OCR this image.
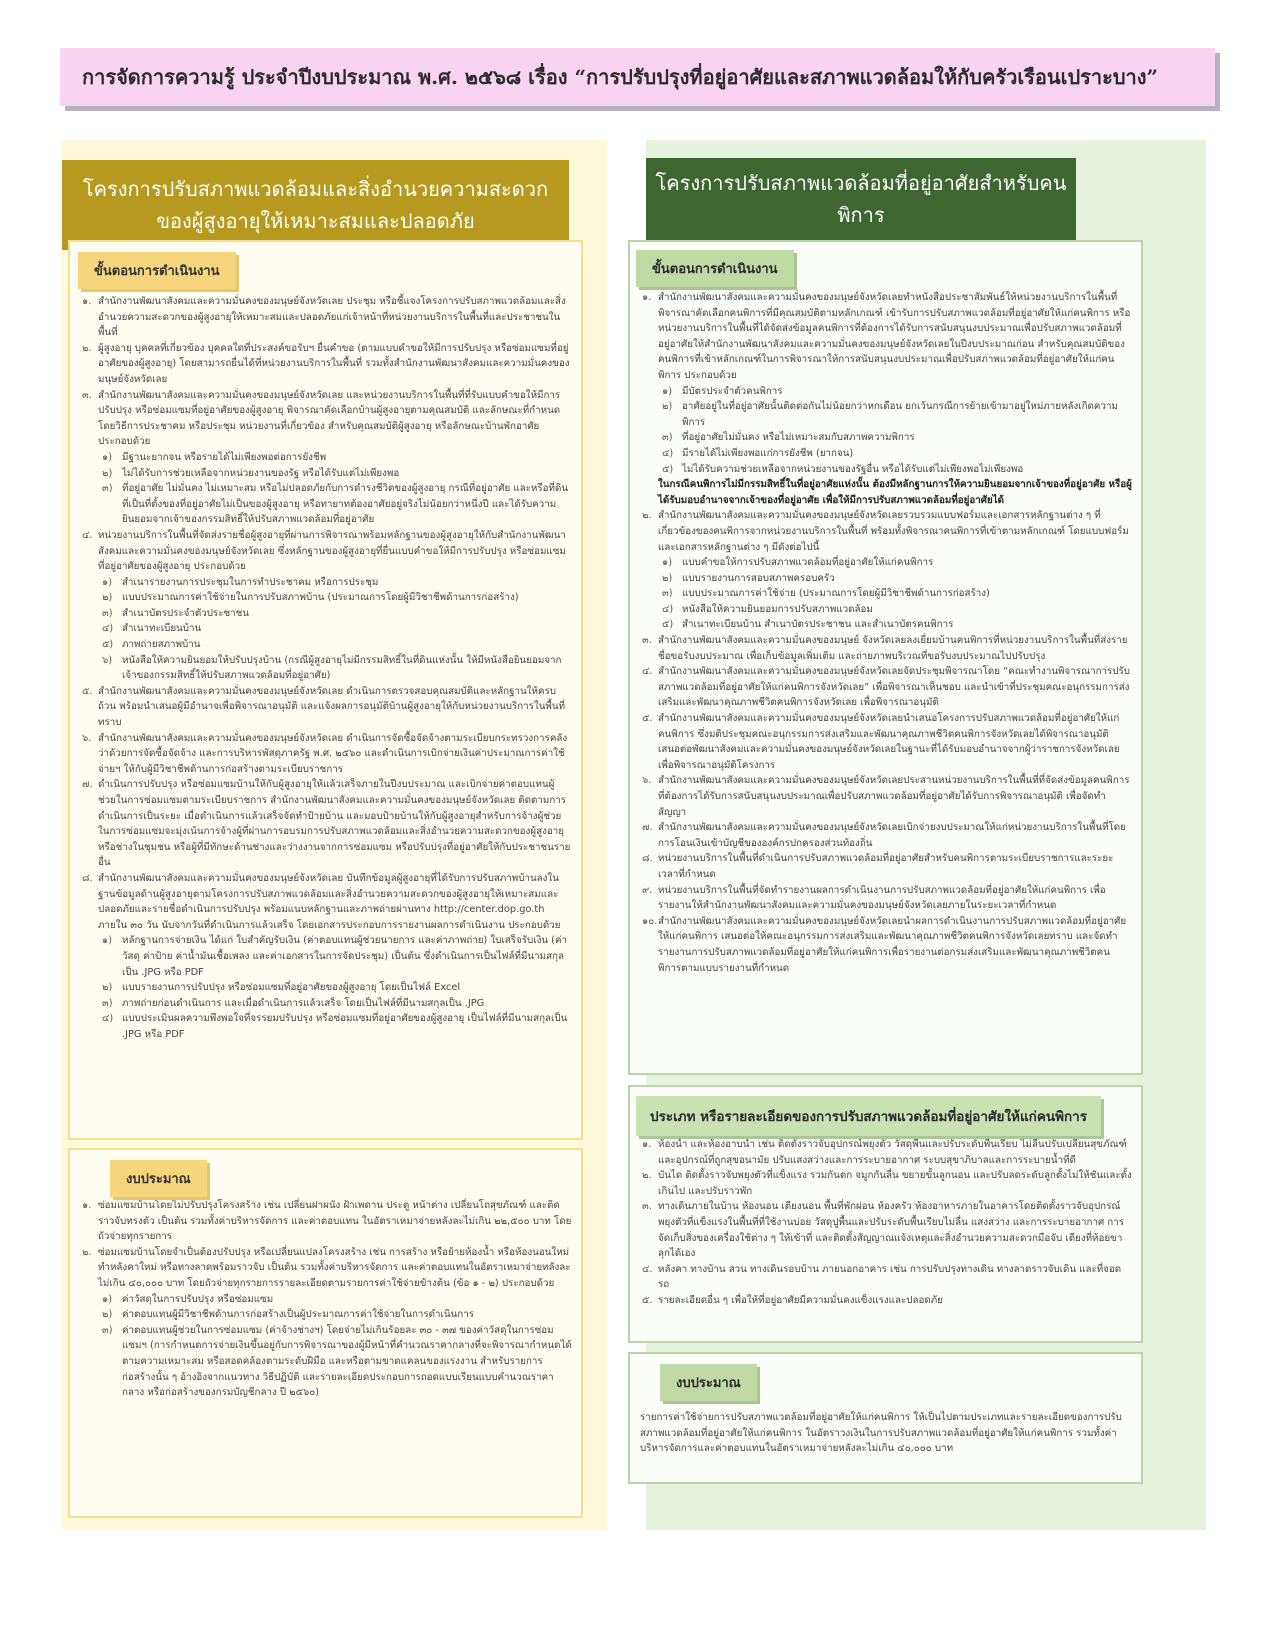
การจัดการความรู้ ประจำปีงบประมาณ พ.ศ. ๒๕๖๘ เรื่อง “การปรับปรุงที่อยู่อาศัยและสภาพแวดล้อมให้กับครัวเรือนเปราะบาง”
โครงการปรับสภาพแวดล้อมและสิ่งอำนวยความสะดวก
ของผู้สูงอายุให้เหมาะสมและปลอดภัย
โครงการปรับสภาพแวดล้อมที่อยู่อาศัยสำหรับคนพิการ
๑. สำนักงานพัฒนาสังคมและความมั่นคงของมนุษย์จังหวัดเลย ประชุม หรือชี้แจงโครงการปรับสภาพแวดล้อมและสิ่งอำนวยความสะดวกของผู้สูงอายุให้เหมาะสมและปลอดภัยแก่เจ้าหน้าที่หน่วยงานบริการในพื้นที่และประชาชนในพื้นที่
๒. ผู้สูงอายุ บุคคลที่เกี่ยวข้อง บุคคลใดที่ประสงค์ขอรับฯ ยื่นคำขอ (ตามแบบคำขอให้มีการปรับปรุง หรือซ่อมแซมที่อยู่อาศัยของผู้สูงอายุ) โดยสามารถยื่นได้ที่หน่วยงานบริการในพื้นที่ รวมทั้งสำนักงานพัฒนาสังคมและความมั่นคงของมนุษย์จังหวัดเลย
๓. สำนักงานพัฒนาสังคมและความมั่นคงของมนุษย์จังหวัดเลย และหน่วยงานบริการในพื้นที่ที่รับแบบคำขอให้มีการปรับปรุง หรือซ่อมแซมที่อยู่อาศัยของผู้สูงอายุ พิจารณาคัดเลือกบ้านผู้สูงอายุตามคุณสมบัติ และลักษณะที่กำหนด โดยวิธีการประชาคม หรือประชุม หน่วยงานที่เกี่ยวข้อง สำหรับคุณสมบัติผู้สูงอายุ หรือลักษณะบ้านพักอาศัย ประกอบด้วย
๑)	มีฐานะยากจน หรือรายได้ไม่เพียงพอต่อการยังชีพ
๒) ไม่ได้รับการช่วยเหลือจากหน่วยงานของรัฐ หรือได้รับแต่ไม่เพียงพอ
๓) ที่อยู่อาศัย ไม่มั่นคง ไม่เหมาะสม หรือไม่ปลอดภัยกับการดำรงชีวิตของผู้สูงอายุ กรณีที่อยู่อาศัย และหรือที่ดินที่เป็นที่ตั้งของที่อยู่อาศัยไม่เป็นของผู้สูงอายุ หรือทายาทต้องอาศัยอยู่จริงไม่น้อยกว่าหนึ่งปี และได้รับความยินยอมจากเจ้าของกรรมสิทธิ์ให้ปรับสภาพแวดล้อมที่อยู่อาศัย
๔. หน่วยงานบริการในพื้นที่จัดส่งรายชื่อผู้สูงอายุที่ผ่านการพิจารณาพร้อมหลักฐานของผู้สูงอายุให้กับสำนักงานพัฒนาสังคมและความมั่นคงของมนุษย์จังหวัดเลย ซึ่งหลักฐานของผู้สูงอายุที่ยื่นแบบคำขอให้มีการปรับปรุง หรือซ่อมแซมที่อยู่อาศัยของผู้สูงอายุ ประกอบด้วย
๑)	สำเนารายงานการประชุมในการทำประชาคม หรือการประชุม
๒) แบบประมาณการค่าใช้จ่ายในการปรับสภาพบ้าน (ประมาณการโดยผู้มีวิชาชีพด้านการก่อสร้าง)
๓) สำเนาบัตรประจำตัวประชาชน
๔) สำเนาทะเบียนบ้าน
๕) ภาพถ่ายสภาพบ้าน
๖)	หนังสือให้ความยินยอมให้ปรับปรุงบ้าน (กรณีผู้สูงอายุไม่มีกรรมสิทธิ์ในที่ดินแห่งนั้น ให้มีหนังสือยินยอมจากเจ้าของกรรมสิทธิ์ให้ปรับสภาพแวดล้อมที่อยู่อาศัย)
๕. สำนักงานพัฒนาสังคมและความมั่นคงของมนุษย์จังหวัดเลย ดำเนินการตรวจสอบคุณสมบัติและหลักฐานให้ครบถ้วน พร้อมนำเสนอผู้มีอำนาจเพื่อพิจารณาอนุมัติ และแจ้งผลการอนุมัติบ้านผู้สูงอายุให้กับหน่วยงานบริการในพื้นที่ทราบ
๖. สำนักงานพัฒนาสังคมและความมั่นคงของมนุษย์จังหวัดเลย ดำเนินการจัดซื้อจัดจ้างตามระเบียบกระทรวงการคลัง ว่าด้วยการจัดซื้อจัดจ้าง และการบริหารพัสดุภาครัฐ พ.ศ. ๒๕๖๐ และดำเนินการเบิกจ่ายเงินค่าประมาณการค่าใช้จ่ายฯ ให้กับผู้มีวิชาชีพด้านการก่อสร้างตามระเบียบราชการ
๗. ดำเนินการปรับปรุง หรือซ่อมแซมบ้านให้กับผู้สูงอายุให้แล้วเสร็จภายในปีงบประมาณ และเบิกจ่ายค่าตอบแทนผู้ช่วยในการซ่อมแซมตามระเบียบราชการ สำนักงานพัฒนาสังคมและความมั่นคงของมนุษย์จังหวัดเลย ติดตามการดำเนินการเป็นระยะ เมื่อดำเนินการแล้วเสร็จจัดทำป้ายบ้าน และมอบป้ายบ้านให้กับผู้สูงอายุสำหรับการจ้างผู้ช่วยในการซ่อมแซมจะมุ่งเน้นการจ้างผู้ที่ผ่านการอบรมการปรับสภาพแวดล้อมและสิ่งอำนวยความสะดวกของผู้สูงอายุ หรือช่างในชุมชน หรือผู้ที่มีทักษะด้านช่างและว่างงานจากการซ่อมแซม หรือปรับปรุงที่อยู่อาศัยให้กับประชาชนรายอื่น
๘. สำนักงานพัฒนาสังคมและความมั่นคงของมนุษย์จังหวัดเลย บันทึกข้อมูลผู้สูงอายุที่ได้รับการปรับสภาพบ้านลงในฐานข้อมูลด้านผู้สูงอายุตามโครงการปรับสภาพแวดล้อมและสิ่งอำนวยความสะดวกของผู้สูงอายุให้เหมาะสมและปลอดภัยและรายชื่อดำเนินการปรับปรุง พร้อมแนบหลักฐานและภาพถ่ายผ่านทาง http://center.dop.go.th ภายใน ๓๐ วัน นับจากวันที่ดำเนินการแล้วเสร็จ โดยเอกสารประกอบการรายงานผลการดำเนินงาน ประกอบด้วย
๑)	หลักฐานการจ่ายเงิน ได้แก่ ใบสำคัญรับเงิน (ค่าตอบแทนผู้ช่วยนายการ และค่าภาพถ่าย) ใบเสร็จรับเงิน (ค่าวัสดุ ค่าป้าย ค่าน้ำมันเชื้อเพลง และค่าเอกสารในการจัดประชุม) เป็นต้น ซึ่งดำเนินการเป็นไฟล์ที่มีนามสกุลเป็น .JPG หรือ PDF
๒) แบบรายงานการปรับปรุง หรือซ่อมแซมที่อยู่อาศัยของผู้สูงอายุ โดยเป็นไฟล์ Excel
๓) ภาพถ่ายก่อนดำเนินการ และเมื่อดำเนินการแล้วเสร็จ โดยเป็นไฟล์ที่มีนามสกุลเป็น .JPG
๔) แบบประเมินผลความพึงพอใจที่จรรยมปรับปรุง หรือซ่อมแซมที่อยู่อาศัยของผู้สูงอายุ เป็นไฟล์ที่มีนามสกุลเป็น .JPG หรือ PDF
ขั้นตอนการดำเนินงาน
๑. ซ่อมแซมบ้านโดยไม่ปรับปรุงโครงสร้าง เช่น เปลี่ยนฝาผนัง ฝ้าเพดาน ประตู หน้าต่าง เปลี่ยนโถสุขภัณฑ์ และติดราวจับทรงตัว เป็นต้น รวมทั้งค่าบริหารจัดการ และค่าตอบแทน ในอัตราเหมาจ่ายหลังละไม่เกิน ๒๒,๕๐๐ บาท โดยถัวจ่ายทุกรายการ
๒. ซ่อมแซมบ้านโดยจำเป็นต้องปรับปรุง หรือเปลี่ยนแปลงโครงสร้าง เช่น การสร้าง หรือย้ายห้องน้ำ หรือห้องนอนใหม่ ทำหลังคาใหม่ หรือทางลาดพร้อมราวจับ เป็นต้น รวมทั้งค่าบริหารจัดการ และค่าตอบแทนในอัตราเหมาจ่ายหลังละไม่เกิน ๔๐,๐๐๐ บาท โดยถัวจ่ายทุกรายการรายละเอียดตามรายการค่าใช้จ่ายข้างต้น (ข้อ ๑ - ๒) ประกอบด้วย
๑)	ค่าวัสดุในการปรับปรุง หรือซ่อมแซม
๒) ค่าตอบแทนผู้มีวิชาชีพด้านการก่อสร้างเป็นผู้ประมาณการค่าใช้จ่ายในการดำเนินการ
๓) ค่าตอบแทนผู้ช่วยในการซ่อมแซม (ค่าจ้างช่างฯ) โดยจ่ายไม่เกินร้อยละ ๓๐ - ๓๗ ของค่าวัสดุในการซ่อมแซมฯ (การกำหนดการจ่ายเงินขึ้นอยู่กับการพิจารณาของผู้มีหน้าที่คำนวณราคากลางที่จะพิจารณากำหนดได้ตามความเหมาะสม หรือสอดคล้องตามระดับฝีมือ และหรือตามขาดแคลนของแรงงาน สำหรับรายการก่อสร้างนั้น ๆ อ้างอิงจากแนวทาง วิธีปฏิบัติ และรายละเอียดประกอบการถอดแบบเรียนแบบคำนวณราคากลาง หรือก่อสร้างของกรมบัญชีกลาง ปี ๒๕๖๐)
งบประมาณ
๑. สำนักงานพัฒนาสังคมและความมั่นคงของมนุษย์จังหวัดเลยทำหนังสือประชาสัมพันธ์ให้หน่วยงานบริการในพื้นที่พิจารณาคัดเลือกคนพิการที่มีคุณสมบัติตามหลักเกณฑ์ เข้ารับการปรับสภาพแวดล้อมที่อยู่อาศัยให้แก่คนพิการ หรือหน่วยงานบริการในพื้นที่ได้จัดส่งข้อมูลคนพิการที่ต้องการได้รับการสนับสนุนงบประมาณเพื่อปรับสภาพแวดล้อมที่อยู่อาศัยให้สำนักงานพัฒนาสังคมและความมั่นคงของมนุษย์จังหวัดเลยในปีงบประมาณก่อน สำหรับคุณสมบัติของคนพิการที่เข้าหลักเกณฑ์ในการพิจารณาให้การสนับสนุนงบประมาณเพื่อปรับสภาพแวดล้อมที่อยู่อาศัยให้แก่คนพิการ ประกอบด้วย
๑)	มีบัตรประจำตัวคนพิการ
๒) อาศัยอยู่ในที่อยู่อาศัยนั้นติดต่อกันไม่น้อยกว่าหกเดือน ยกเว้นกรณีการย้ายเข้ามาอยู่ใหม่ภายหลังเกิดความพิการ
๓) ที่อยู่อาศัยไม่มั่นคง หรือไม่เหมาะสมกับสภาพความพิการ
๔) มีรายได้ไม่เพียงพอแก่การยังชีพ (ยากจน)
๕) ไม่ได้รับความช่วยเหลือจากหน่วยงานของรัฐอื่น หรือได้รับแต่ไม่เพียงพอไม่เพียงพอ
ในกรณีคนพิการไม่มีกรรมสิทธิ์ในที่อยู่อาศัยแห่งนั้น ต้องมีหลักฐานการให้ความยินยอมจากเจ้าของที่อยู่อาศัย หรือผู้ได้รับมอบอำนาจจากเจ้าของที่อยู่อาศัย เพื่อให้มีการปรับสภาพแวดล้อมที่อยู่อาศัยได้
๒. สำนักงานพัฒนาสังคมและความมั่นคงของมนุษย์จังหวัดเลยรวบรวมแบบฟอร์มและเอกสารหลักฐานต่าง ๆ ที่เกี่ยวข้องของคนพิการจากหน่วยงานบริการในพื้นที่ พร้อมทั้งพิจารณาคนพิการที่เข้าตามหลักเกณฑ์ โดยแบบฟอร์มและเอกสารหลักฐานต่าง ๆ มีดังต่อไปนี้
๑)	แบบคำขอให้การปรับสภาพแวดล้อมที่อยู่อาศัยให้แก่คนพิการ
๒) แบบรายงานการสอบสภาพครอบครัว
๓) แบบประมาณการค่าใช้จ่าย (ประมาณการโดยผู้มีวิชาชีพด้านการก่อสร้าง)
๔) หนังสือให้ความยินยอมการปรับสภาพแวดล้อม
๕) สำเนาทะเบียนบ้าน สำเนาบัตรประชาชน และสำเนาบัตรคนพิการ
๓. สำนักงานพัฒนาสังคมและความมั่นคงของมนุษย์ จังหวัดเลยลงเยี่ยมบ้านคนพิการที่หน่วยงานบริการในพื้นที่ส่งรายชื่อขอรับงบประมาณ เพื่อเก็บข้อมูลเพิ่มเติม และถ่ายภาพบริเวณที่ขอรับงบประมาณไปปรับปรุง
๔. สำนักงานพัฒนาสังคมและความมั่นคงของมนุษย์จังหวัดเลยจัดประชุมพิจารณาโดย “คณะทำงานพิจารณาการปรับสภาพแวดล้อมที่อยู่อาศัยให้แก่คนพิการจังหวัดเลย” เพื่อพิจารณาเห็นชอบ และนำเข้าที่ประชุมคณะอนุกรรมการส่งเสริมและพัฒนาคุณภาพชีวิตคนพิการจังหวัดเลย เพื่อพิจารณาอนุมัติ
๕. สำนักงานพัฒนาสังคมและความมั่นคงของมนุษย์จังหวัดเลยนำเสนอโครงการปรับสภาพแวดล้อมที่อยู่อาศัยให้แก่คนพิการ ซึ่งมติประชุมคณะอนุกรรมการส่งเสริมและพัฒนาคุณภาพชีวิตคนพิการจังหวัดเลยได้พิจารณาอนุมัติ เสนอต่อพัฒนาสังคมและความมั่นคงของมนุษย์จังหวัดเลยในฐานะที่ได้รับมอบอำนาจจากผู้ว่าราชการจังหวัดเลย เพื่อพิจารณาอนุมัติโครงการ
๖. สำนักงานพัฒนาสังคมและความมั่นคงของมนุษย์จังหวัดเลยประสานหน่วยงานบริการในพื้นที่ที่จัดส่งข้อมูลคนพิการที่ต้องการได้รับการสนับสนุนงบประมาณเพื่อปรับสภาพแวดล้อมที่อยู่อาศัยได้รับการพิจารณาอนุมัติ เพื่อจัดทำสัญญา
๗. สำนักงานพัฒนาสังคมและความมั่นคงของมนุษย์จังหวัดเลยเบิกจ่ายงบประมาณให้แก่หน่วยงานบริการในพื้นที่โดยการโอนเงินเข้าบัญชีขององค์กรปกครองส่วนท้องถิ่น
๘. หน่วยงานบริการในพื้นที่ดำเนินการปรับสภาพแวดล้อมที่อยู่อาศัยสำหรับคนพิการตามระเบียบราชการและระยะเวลาที่กำหนด
๙. หน่วยงานบริการในพื้นที่จัดทำรายงานผลการดำเนินงานการปรับสภาพแวดล้อมที่อยู่อาศัยให้แก่คนพิการ เพื่อรายงานให้สำนักงานพัฒนาสังคมและความมั่นคงของมนุษย์จังหวัดเลยภายในระยะเวลาที่กำหนด
๑๐. สำนักงานพัฒนาสังคมและความมั่นคงของมนุษย์จังหวัดเลยนำผลการดำเนินงานการปรับสภาพแวดล้อมที่อยู่อาศัยให้แก่คนพิการ เสนอต่อให้คณะอนุกรรมการส่งเสริมและพัฒนาคุณภาพชีวิตคนพิการจังหวัดเลยทราบ และจัดทำรายงานการปรับสภาพแวดล้อมที่อยู่อาศัยให้แก่คนพิการเพื่อรายงานต่อกรมส่งเสริมและพัฒนาคุณภาพชีวิตคนพิการตามแบบรายงานที่กำหนด
ขั้นตอนการดำเนินงาน
๑. ห้องน้ำ และห้องอาบน้ำ เช่น ติดตั้งราวจับอุปกรณ์พยุงตัว วัสดุพื้นและปรับระดับพื้นเรียบ ไม่ลื่นปรับเปลี่ยนสุขภัณฑ์และอุปกรณ์ที่ถูกสุขอนามัย ปรับแสงสว่างและการระบายอากาศ ระบบสุขาภิบาลและการระบายน้ำที่ดี
๒. บันได ติดตั้งราวจับพยุงตัวที่แข็งแรง รวมกันตก จมูกกันลื่น ขยายขั้นลูกนอน และปรับลดระดับลูกตั้งไม่ให้ชันและตั้งเกินไป และปรับราวพัก
๓. ทางเดินภายในบ้าน ห้องนอน เตียงนอน พื้นที่พักผ่อน ห้องครัว ห้องอาหารภายในอาคารโดยติดตั้งราวจับอุปกรณ์พยุงตัวที่แข็งแรงในพื้นที่ที่ใช้งานบ่อย วัสดุปูพื้นและปรับระดับพื้นเรียบไม่ลื่น แสงสว่าง และการระบายอากาศ การจัดเก็บสิ่งของเครื่องใช้ต่าง ๆ ให้เข้าที่ และติดตั้งสัญญาณแจ้งเหตุและสิ่งอำนวยความสะดวกมือจับ เตียงที่ห้อยขาลุกได้เอง
๔. หลังคา ทางบ้าน สวน ทางเดินรอบบ้าน ภายนอกอาคาร เช่น การปรับปรุงทางเดิน ทางลาดราวจับเดิน และที่จอดรถ
๕. รายละเอียดอื่น ๆ เพื่อให้ที่อยู่อาศัยมีความมั่นคงแข็งแรงและปลอดภัย
ประเภท หรือรายละเอียดของการปรับสภาพแวดล้อมที่อยู่อาศัยให้แก่คนพิการ
รายการค่าใช้จ่ายการปรับสภาพแวดล้อมที่อยู่อาศัยให้แก่คนพิการ ให้เป็นไปตามประเภทและรายละเอียดของการปรับสภาพแวดล้อมที่อยู่อาศัยให้แก่คนพิการ ในอัตราวงเงินในการปรับสภาพแวดล้อมที่อยู่อาศัยให้แก่คนพิการ รวมทั้งค่าบริหารจัดการและค่าตอบแทนในอัตราเหมาจ่ายหลังละไม่เกิน ๔๐,๐๐๐ บาท
งบประมาณ
